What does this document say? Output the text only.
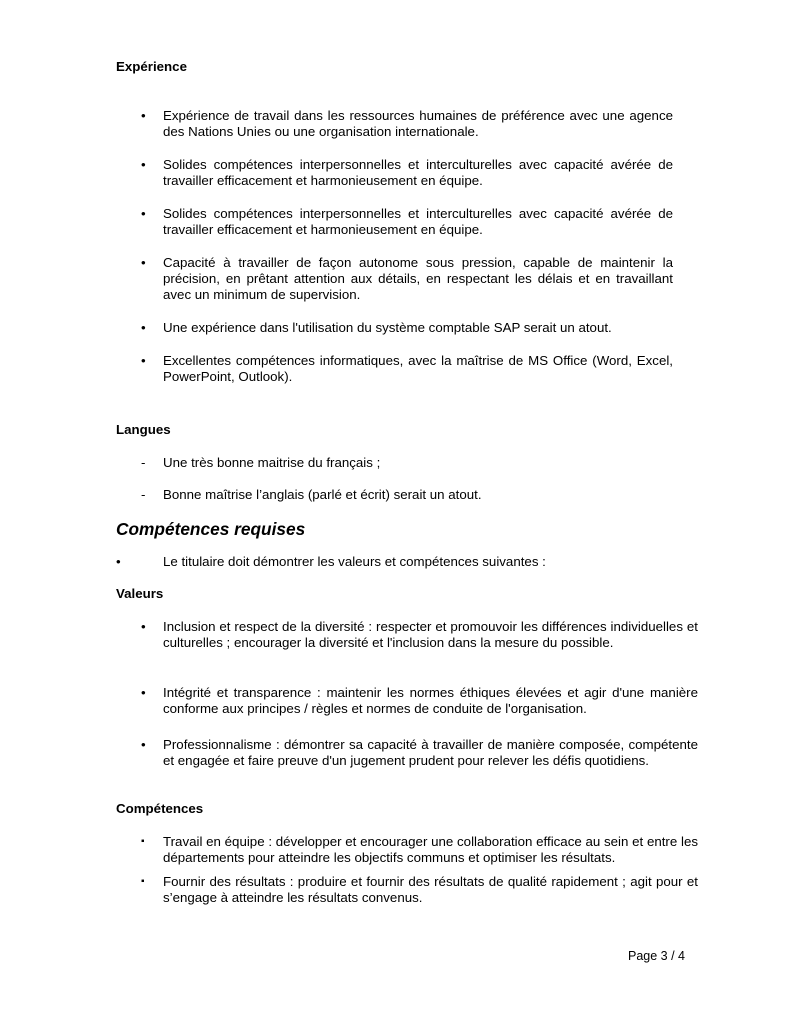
Expérience
• Expérience de travail dans les ressources humaines de préférence avec une agence des Nations Unies ou une organisation internationale.
• Solides compétences interpersonnelles et interculturelles avec capacité avérée de travailler efficacement et harmonieusement en équipe.
• Solides compétences interpersonnelles et interculturelles avec capacité avérée de travailler efficacement et harmonieusement en équipe.
• Capacité à travailler de façon autonome sous pression, capable de maintenir la précision, en prêtant attention aux détails, en respectant les délais et en travaillant avec un minimum de supervision.
• Une expérience dans l'utilisation du système comptable SAP serait un atout.
• Excellentes compétences informatiques, avec la maîtrise de MS Office (Word, Excel, PowerPoint, Outlook).
Langues
- Une très bonne maitrise du français ;
- Bonne maîtrise l’anglais (parlé et écrit) serait un atout.
Compétences requises
•	Le titulaire doit démontrer les valeurs et compétences suivantes :
Valeurs
• Inclusion et respect de la diversité : respecter et promouvoir les différences individuelles et culturelles ; encourager la diversité et l'inclusion dans la mesure du possible.
• Intégrité et transparence : maintenir les normes éthiques élevées et agir d'une manière conforme aux principes / règles et normes de conduite de l'organisation.
• Professionnalisme : démontrer sa capacité à travailler de manière composée, compétente et engagée et faire preuve d'un jugement prudent pour relever les défis quotidiens.
Compétences
▪ Travail en équipe : développer et encourager une collaboration efficace au sein et entre les départements pour atteindre les objectifs communs et optimiser les résultats.
▪ Fournir des résultats : produire et fournir des résultats de qualité rapidement ; agit pour et s’engage à atteindre les résultats convenus.
Page 3 / 4
